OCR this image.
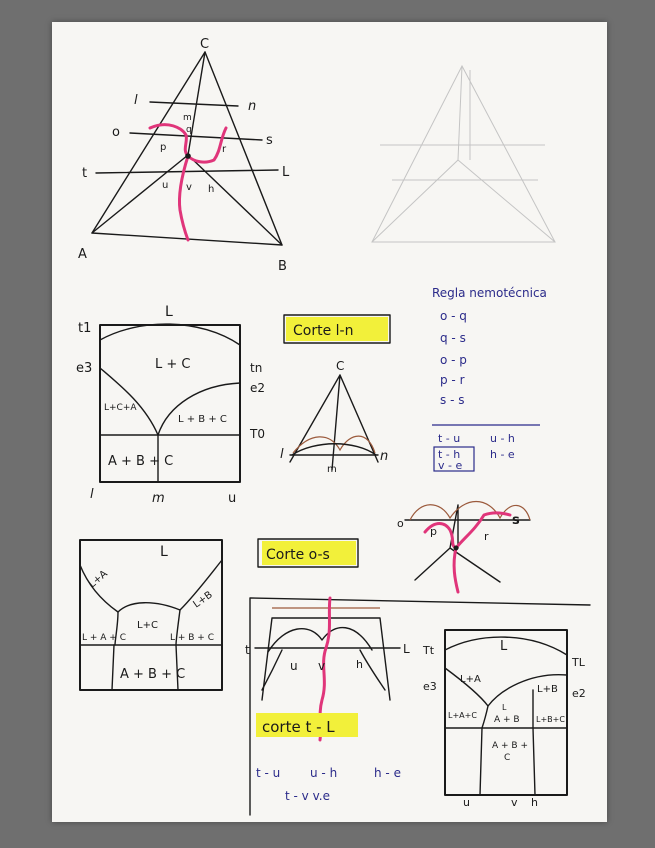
C
A
B
l	n
o
s
t	L
m
q
p	r
u v h
L
t1
e3	tn
e2
T0
L + C
L+C+A
L + B + C
A + B + C
l	m	u
Corte l-n
C
l
m
n
Regla nemotécnica
o - q
q - s
o - p
p - r
s - s
t - u	u - h
t - h	h - e
v - e
o
p	r
s
Corte o-s
L
L+A
L+B
L+C
L + A + C	L + B + C
A + B + C
t	L
u v	h
corte t - L
t - u u - h	h - e
t - v v.e
Tt	L
TL
e3
e2
L+A
L+B
L+A+C
L
A + B L+B+C
A + B +
C
u	v h
